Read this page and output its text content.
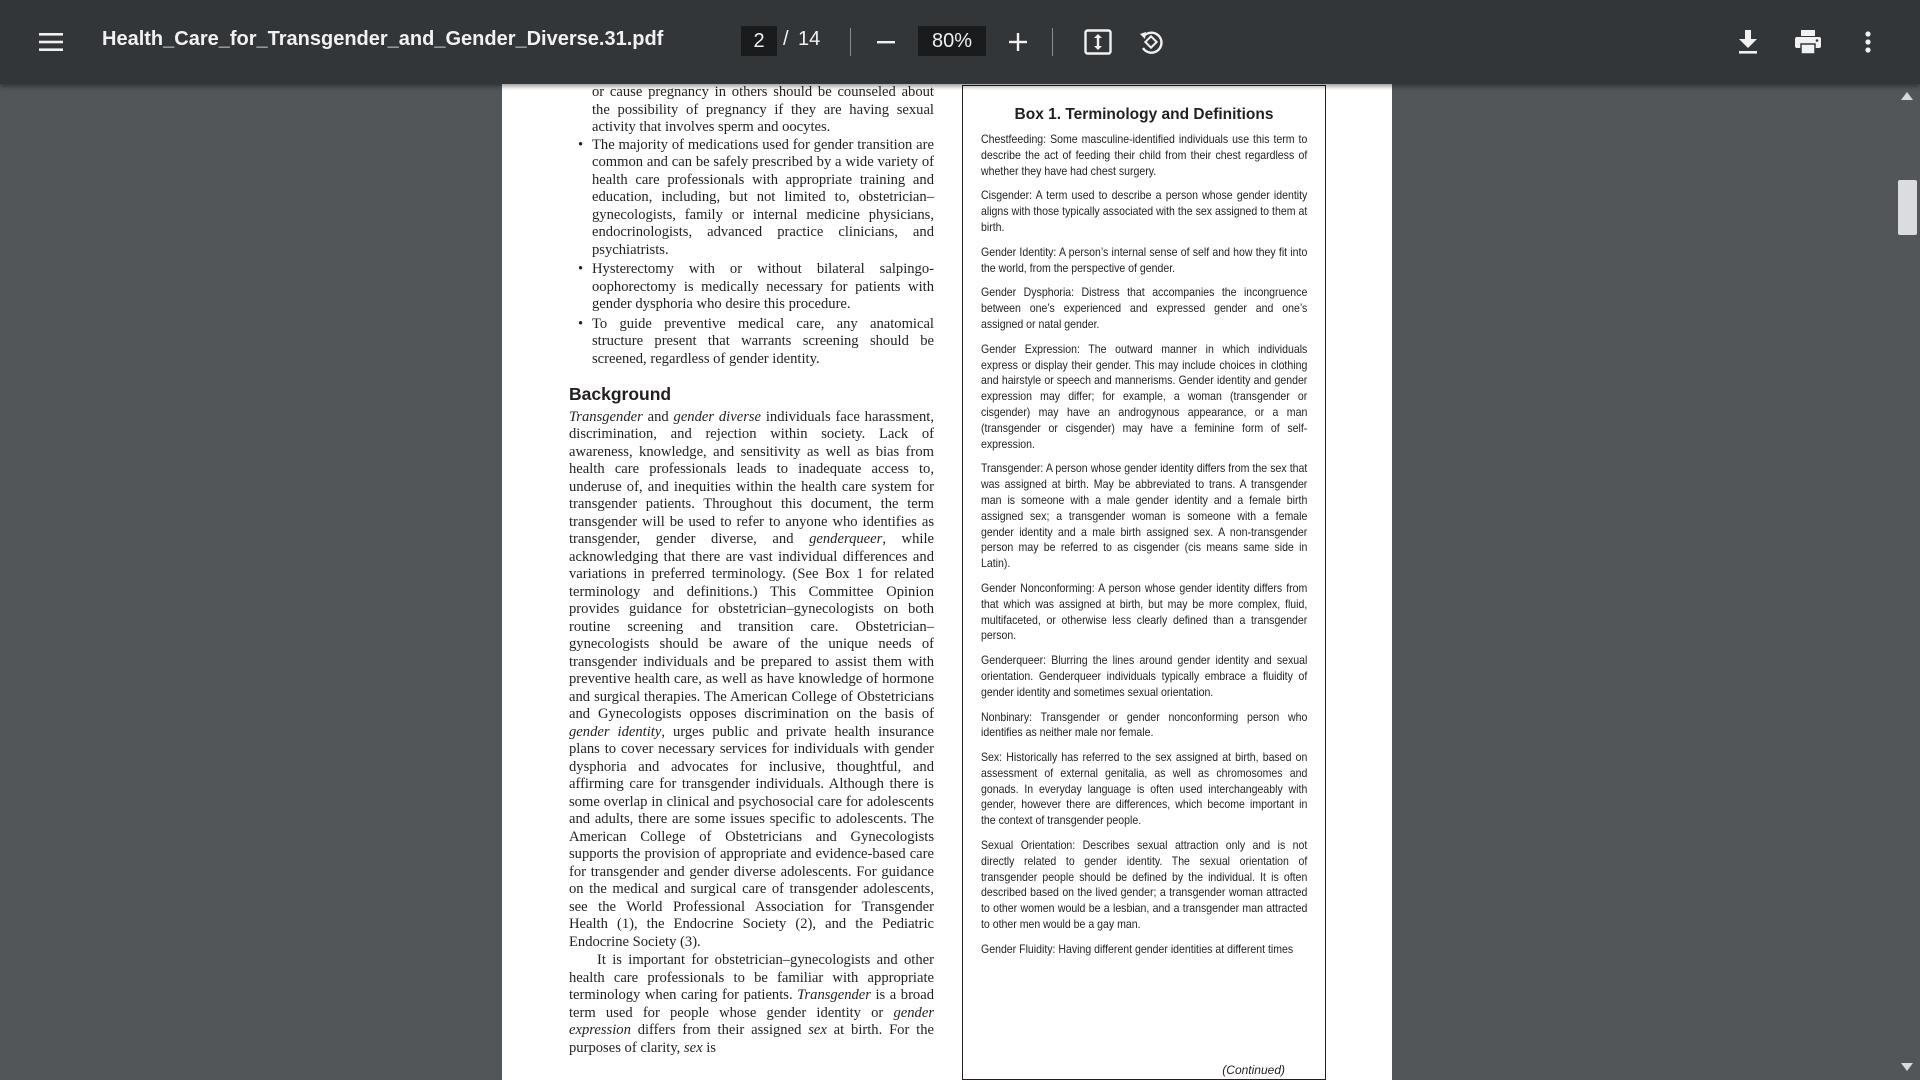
Health_Care_for_Transgender_and_Gender_Diverse.31.pdf	2 / 14	80%

or cause pregnancy in others should be counseled about the possibility of pregnancy if they are having sexual activity that involves sperm and oocytes.

• The majority of medications used for gender transition are common and can be safely prescribed by a wide variety of health care professionals with appropriate training and education, including, but not limited to, obstetrician–gynecologists, family or internal medicine physicians, endocrinologists, advanced practice clinicians, and psychiatrists.
• Hysterectomy with or without bilateral salpingo-oophorectomy is medically necessary for patients with gender dysphoria who desire this procedure.
• To guide preventive medical care, any anatomical structure present that warrants screening should be screened, regardless of gender identity.
Background

Transgender and gender diverse individuals face harassment, discrimination, and rejection within society. Lack of awareness, knowledge, and sensitivity as well as bias from health care professionals leads to inadequate access to, underuse of, and inequities within the health care system for transgender patients. Throughout this document, the term transgender will be used to refer to anyone who identifies as transgender, gender diverse, and genderqueer, while acknowledging that there are vast individual differences and variations in preferred terminology. (See Box 1 for related terminology and definitions.) This Committee Opinion provides guidance for obstetrician–gynecologists on both routine screening and transition care. Obstetrician–gynecologists should be aware of the unique needs of transgender individuals and be prepared to assist them with preventive health care, as well as have knowledge of hormone and surgical therapies. The American College of Obstetricians and Gynecologists opposes discrimination on the basis of gender identity, urges public and private health insurance plans to cover necessary services for individuals with gender dysphoria and advocates for inclusive, thoughtful, and affirming care for transgender individuals. Although there is some overlap in clinical and psychosocial care for adolescents and adults, there are some issues specific to adolescents. The American College of Obstetricians and Gynecologists supports the provision of appropriate and evidence-based care for transgender and gender diverse adolescents. For guidance on the medical and surgical care of transgender adolescents, see the World Professional Association for Transgender Health (1), the Endocrine Society (2), and the Pediatric Endocrine Society (3).

It is important for obstetrician–gynecologists and other health care professionals to be familiar with appropriate terminology when caring for patients. Transgender is a broad term used for people whose gender identity or gender expression differs from their assigned sex at birth. For the purposes of clarity, sex is

Box 1. Terminology and Definitions
Chestfeeding: Some masculine-identified individuals use this term to describe the act of feeding their child from their chest regardless of whether they have had chest surgery.
Cisgender: A term used to describe a person whose gender identity aligns with those typically associated with the sex assigned to them at birth.
Gender Identity: A person’s internal sense of self and how they fit into the world, from the perspective of gender.
Gender Dysphoria: Distress that accompanies the incongruence between one’s experienced and expressed gender and one’s assigned or natal gender.
Gender Expression: The outward manner in which individuals express or display their gender. This may include choices in clothing and hairstyle or speech and mannerisms. Gender identity and gender expression may differ; for example, a woman (transgender or cisgender) may have an androgynous appearance, or a man (transgender or cisgender) may have a feminine form of self-expression.
Transgender: A person whose gender identity differs from the sex that was assigned at birth. May be abbreviated to trans. A transgender man is someone with a male gender identity and a female birth assigned sex; a transgender woman is someone with a female gender identity and a male birth assigned sex. A non-transgender person may be referred to as cisgender (cis means same side in Latin).
Gender Nonconforming: A person whose gender identity differs from that which was assigned at birth, but may be more complex, fluid, multifaceted, or otherwise less clearly defined than a transgender person.
Genderqueer: Blurring the lines around gender identity and sexual orientation. Genderqueer individuals typically embrace a fluidity of gender identity and sometimes sexual orientation.
Nonbinary: Transgender or gender nonconforming person who identifies as neither male nor female.
Sex: Historically has referred to the sex assigned at birth, based on assessment of external genitalia, as well as chromosomes and gonads. In everyday language is often used interchangeably with gender, however there are differences, which become important in the context of transgender people.
Sexual Orientation: Describes sexual attraction only and is not directly related to gender identity. The sexual orientation of transgender people should be defined by the individual. It is often described based on the lived gender; a transgender woman attracted to other women would be a lesbian, and a transgender man attracted to other men would be a gay man.
Gender Fluidity: Having different gender identities at different times
(Continued)
